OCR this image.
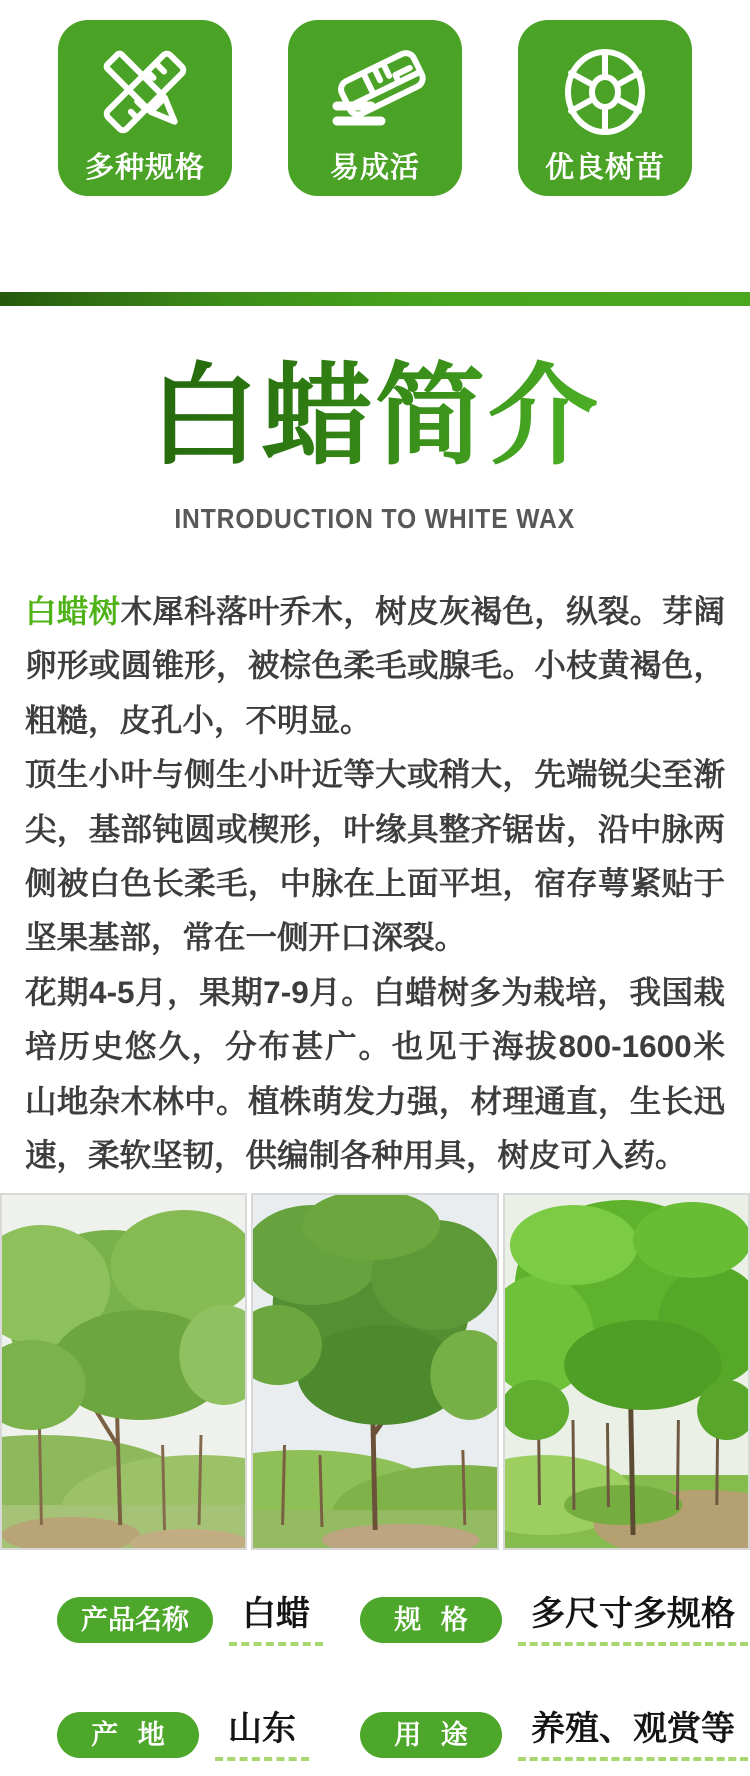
多种规格	易成活	优良树苗
白蜡简介
INTRODUCTION TO WHITE WAX

白蜡树木犀科落叶乔木，树皮灰褐色，纵裂。芽阔卵形或圆锥形，被棕色柔毛或腺毛。小枝黄褐色，粗糙，皮孔小，不明显。

顶生小叶与侧生小叶近等大或稍大，先端锐尖至渐尖，基部钝圆或楔形，叶缘具整齐锯齿，沿中脉两侧被白色长柔毛，中脉在上面平坦，宿存萼紧贴于坚果基部，常在一侧开口深裂。

花期4-5月，果期7-9月。白蜡树多为栽培，我国栽培历史悠久，分布甚广。也见于海拔800-1600米山地杂木林中。植株萌发力强，材理通直，生长迅速，柔软坚韧，供编制各种用具，树皮可入药。

产品名称	白蜡	规 格	多尺寸多规格
产 地	山东	用 途	养殖、观赏等
